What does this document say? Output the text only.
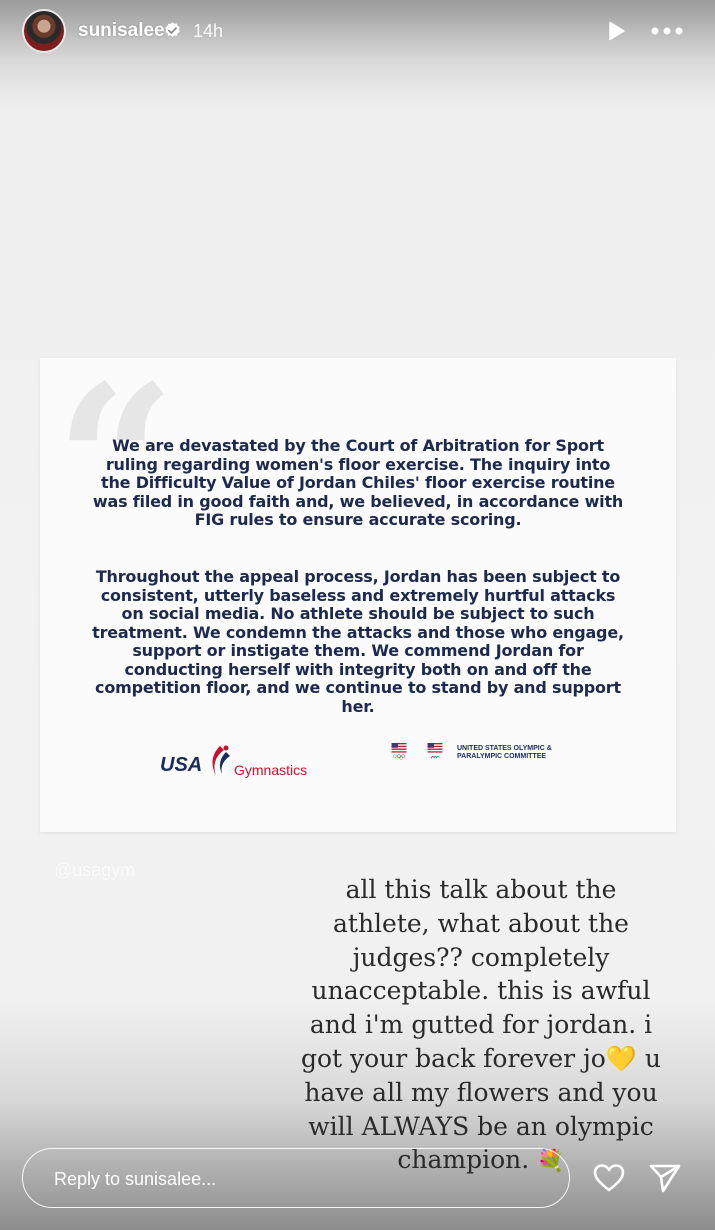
sunisalee 14h
“
We are devastated by the Court of Arbitration for Sport ruling regarding women's floor exercise. The inquiry into the Difficulty Value of Jordan Chiles' floor exercise routine was filed in good faith and, we believed, in accordance with FIG rules to ensure accurate scoring.
Throughout the appeal process, Jordan has been subject to consistent, utterly baseless and extremely hurtful attacks on social media. No athlete should be subject to such treatment. We condemn the attacks and those who engage, support or instigate them. We commend Jordan for conducting herself with integrity both on and off the competition floor, and we continue to stand by and support her.
USA Gymnastics
UNITED STATES OLYMPIC & PARALYMPIC COMMITTEE
@usagym
all this talk about the
athlete, what about the
judges?? completely
unacceptable. this is awful
and i'm gutted for jordan. i
got your back forever jo💛 u
have all my flowers and you
will ALWAYS be an olympic
champion. 💐
Reply to sunisalee...
